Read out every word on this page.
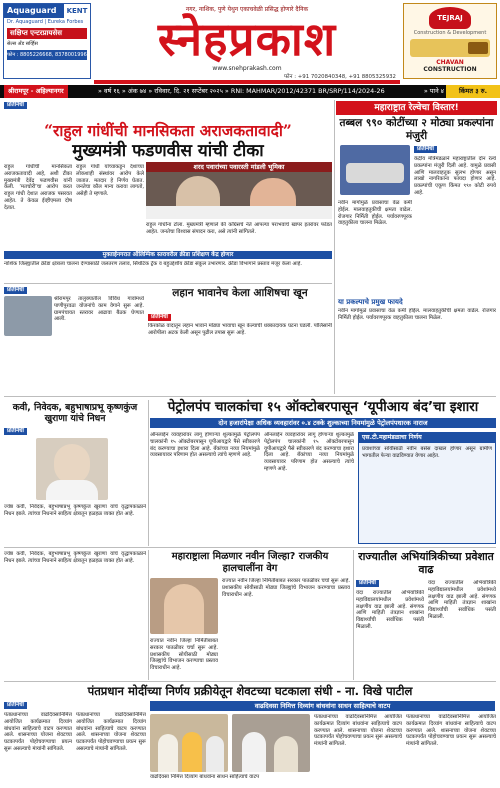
Aquaguard	KENT
Dr. Aquaguard | Eureka Forbes
सक्षिप्त एन्टरप्रायसेस
सेल्स अँड सर्व्हिस
फोन : 8805226668, 8378001996
नगर, नाशिक, पुणे येथुन एकाचवेळी प्रसिद्ध होणारे दैनिक
स्नेहप्रकाश
www.snehprakash.com
TEJRAJ
Construction & Development
CHAVAN
CONSTRUCTION
फोन : +91 7020840348, +91 8805325932
श्रीरामपूर - अहिल्यानगर	» वर्ष १६ » अंक ७४ » रविवार, दि. २१ सप्टेंबर २०२५ » RNI: MAHMAR/2012/42371 BR/SRP/114/2024-26	» पाने ४	किंमत ३ रु.
प्रतिनिधी
“राहुल गांधींची मानसिकता अराजकतावादी”
मुख्यमंत्री फडणवीस यांची टीका
राहुल गांधीची मानसिकता अराजकतावादी आहे, अशी टीका मुख्यमंत्री देवेंद्र फडणवीस यांनी केली. ‘मतचोरी’चा आरोप करत राहुल गांधी देशात अराजक पसरवत आहेत. ते केवळ ईव्हीएमला दोष देतात.
राहुल गांधी यांच्याकडून देशाच्या लोकशाही संस्थांवर आरोप केले जातात. मतदार हे निर्णय घेतात. जनतेचा कौल मान्य करावा लागतो, असेही ते म्हणाले.
शरद पवारांच्या पवारस्ती मांडली भूमिका
राहुल गांधींना टोला. मुख्यमंत्री म्हणाले की काँग्रेसचे नेते आपल्या पराभवाचे खापर इतरांवर फोडत आहेत. जनतेचा विश्वास संपादन करा, असे त्यांनी सांगितले.
मुक्ताईनगरात ऑलिम्पिक स्तरावरील क्रीडा प्रशिक्षण केंद्र होणार
नाशिक जिल्ह्यातील क्रीडा क्षेत्राला चालना देण्यासाठी जलतरण तलाव, सिंथेटिक ट्रॅक व बहुउद्देशीय क्रीडा संकुल उभारणार. क्रीडा विभागाने प्रस्ताव मंजूर केला आहे.
महाराष्ट्रात रेल्वेचा विस्तार!
तब्बल ९९० कोटींच्या २ मोठ्या प्रकल्पांना मंजुरी
प्रतिनिधी
केंद्रीय मंत्रिमंडळाने महाराष्ट्रातील दोन रेल्वे प्रकल्पांना मंजुरी दिली आहे. यामुळे प्रवासी आणि मालवाहतूक सुलभ होणार असून लाखो नागरिकांना फायदा होणार आहे. प्रकल्पांची एकूण किंमत ९९० कोटी रुपये आहे.
नवीन मार्गामुळे प्रवासाचा वेळ कमी होईल. मालवाहतुकीची क्षमता वाढेल. रोजगार निर्मिती होईल. पर्यावरणपूरक वाहतुकीला चालना मिळेल.
या प्रकल्पाचे प्रमुख फायदे
नवीन मार्गामुळे प्रवासाचा वेळ कमी होईल. मालवाहतुकीची क्षमता वाढेल. रोजगार निर्मिती होईल. पर्यावरणपूरक वाहतुकीला चालना मिळेल.
प्रतिनिधी
श्रीरामपूर तालुक्यातील विविध गावांमध्ये पाणीपुरवठा योजनांचे काम वेगाने सुरू आहे. ग्रामपंचायत स्तरावर आढावा बैठक घेण्यात आली.
लहान भावानेच केला आशिषचा खून
प्रतिनिधी
किरकोळ वादातून लहान भावाने मोठ्या भावाचा खून केल्याची धक्कादायक घटना घडली. पोलिसांनी आरोपीला अटक केली असून पुढील तपास सुरू आहे.
कवी, निवेदक, बहुभाषाप्रभू कृष्णकुंज खुराणा यांचे निधन
प्रतिनिधी
ज्येष्ठ कवी, निवेदक, बहुभाषाप्रभू कृष्णकुंज खुराणा यांचे वृद्धापकाळाने निधन झाले. त्यांच्या निधनाने साहित्य क्षेत्रातून हळहळ व्यक्त होत आहे.
पेट्रोलपंप चालकांचा १५ ऑक्टोबरपासून ‘यूपीआय बंद’चा इशारा
दोन हजारांपेक्षा अधिक व्यवहारांवर ०.४ टक्के शुल्काच्या नियमांमुळे पेट्रोलपंपधारक नाराज
ऑनलाईन व्यवहारांवर लागू होणाऱ्या शुल्कामुळे पेट्रोलपंप चालकांनी १५ ऑक्टोबरपासून यूपीआयद्वारे पैसे स्वीकारणे बंद करण्याचा इशारा दिला आहे. बँकांच्या नव्या नियमांमुळे व्यवसायावर परिणाम होत असल्याचे त्यांचे म्हणणे आहे.
ऑनलाईन व्यवहारांवर लागू होणाऱ्या शुल्कामुळे पेट्रोलपंप चालकांनी १५ ऑक्टोबरपासून यूपीआयद्वारे पैसे स्वीकारणे बंद करण्याचा इशारा दिला आहे. बँकांच्या नव्या नियमांमुळे व्यवसायावर परिणाम होत असल्याचे त्यांचे म्हणणे आहे.
एस.टी.महामंडळाचा निर्णय
प्रवाशांच्या सोयीसाठी नवीन बसेस दाखल होणार असून ग्रामीण भागातील फेऱ्या वाढविण्यात येणार आहेत.
ज्येष्ठ कवी, निवेदक, बहुभाषाप्रभू कृष्णकुंज खुराणा यांचे वृद्धापकाळाने निधन झाले. त्यांच्या निधनाने साहित्य क्षेत्रातून हळहळ व्यक्त होत आहे.	महाराष्ट्राला मिळणार नवीन जिल्हा? राजकीय हालचालींना वेग
राज्यात नवीन जिल्हा निर्मितीबाबत सरकार पातळीवर चर्चा सुरू आहे. प्रशासकीय सोयीसाठी मोठ्या जिल्ह्यांचे विभाजन करण्याचा प्रस्ताव विचाराधीन आहे.
राज्यात नवीन जिल्हा निर्मितीबाबत सरकार पातळीवर चर्चा सुरू आहे. प्रशासकीय सोयीसाठी मोठ्या जिल्ह्यांचे विभाजन करण्याचा प्रस्ताव विचाराधीन आहे.
राज्यातील अभियांत्रिकीच्या प्रवेशात वाढ
प्रतिनिधी
यंदा राज्यातील अभियांत्रिकी महाविद्यालयांमधील प्रवेशांमध्ये लक्षणीय वाढ झाली आहे. संगणक आणि माहिती तंत्रज्ञान शाखांना विद्यार्थ्यांची सर्वाधिक पसंती मिळाली.
यंदा राज्यातील अभियांत्रिकी महाविद्यालयांमधील प्रवेशांमध्ये लक्षणीय वाढ झाली आहे. संगणक आणि माहिती तंत्रज्ञान शाखांना विद्यार्थ्यांची सर्वाधिक पसंती मिळाली.
पंतप्रधान मोदींच्या निर्णय प्रक्रीयेतून शेवटच्या घटकाला संधी - ना. विखे पाटील
वाढदिवसा निमित्त दिव्यांग बांधवांना साधन साहित्याचे वाटप
प्रतिनिधी
पंतप्रधानांच्या वाढदिवसानिमित्त आयोजित कार्यक्रमात दिव्यांग बांधवांना साहित्याचे वाटप करण्यात आले. शासनाच्या योजना शेवटच्या घटकापर्यंत पोहोचवण्याचा प्रयत्न सुरू असल्याचे मंत्र्यांनी सांगितले.
पंतप्रधानांच्या वाढदिवसानिमित्त आयोजित कार्यक्रमात दिव्यांग बांधवांना साहित्याचे वाटप करण्यात आले. शासनाच्या योजना शेवटच्या घटकापर्यंत पोहोचवण्याचा प्रयत्न सुरू असल्याचे मंत्र्यांनी सांगितले.
वाढदिवसा निमित्त दिव्यांग बांधवांना साधन साहित्याचे वाटप
पंतप्रधानांच्या वाढदिवसानिमित्त आयोजित कार्यक्रमात दिव्यांग बांधवांना साहित्याचे वाटप करण्यात आले. शासनाच्या योजना शेवटच्या घटकापर्यंत पोहोचवण्याचा प्रयत्न सुरू असल्याचे मंत्र्यांनी सांगितले.
पंतप्रधानांच्या वाढदिवसानिमित्त आयोजित कार्यक्रमात दिव्यांग बांधवांना साहित्याचे वाटप करण्यात आले. शासनाच्या योजना शेवटच्या घटकापर्यंत पोहोचवण्याचा प्रयत्न सुरू असल्याचे मंत्र्यांनी सांगितले.
